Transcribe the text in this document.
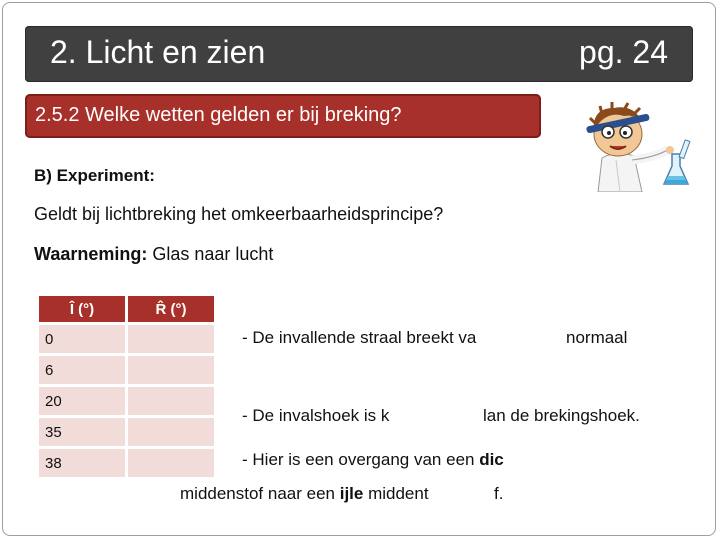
2. Licht en zien	pg. 24
2.5.2 Welke wetten gelden er bij breking?
B) Experiment:
Geldt bij lichtbreking het omkeerbaarheidsprincipe?
Waarneming: Glas naar lucht
Î (°)	R̂ (°)
0	
6	
20	
35	
38	
- De invallende straal breekt va	normaal
- De invalshoek is k	lan de brekingshoek.
- Hier is een overgang van een dic
middenstof naar een ijle middent	f.
